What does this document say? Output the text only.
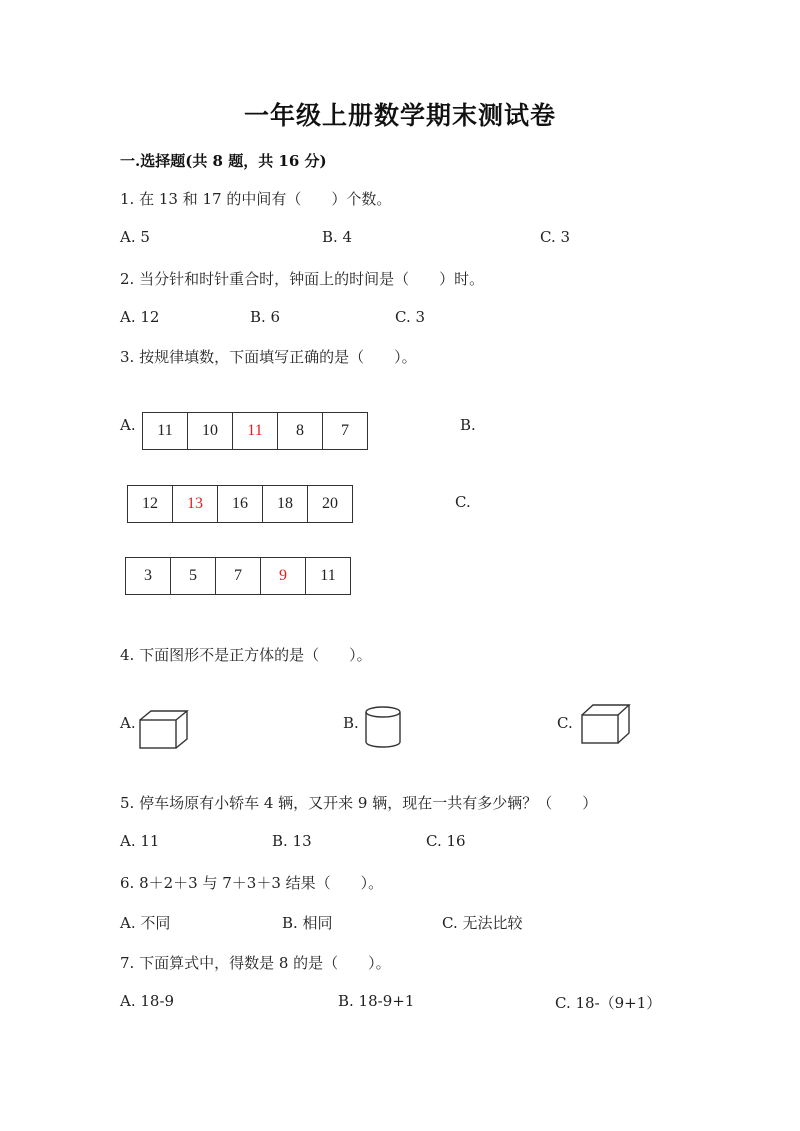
一年级上册数学期末测试卷
一.选择题(共 8 题，共 16 分)
1. 在 13 和 17 的中间有（　　）个数。
A. 5	B. 4	C. 3
2. 当分针和时针重合时，钟面上的时间是（　　）时。
A. 12	B. 6	C. 3
3. 按规律填数，下面填写正确的是（　　）。
A.	11	10	11	8	7	B.
12	13	16	18	20	C.
3	5	7	9	11
4. 下面图形不是正方体的是（　　）。
A.	B.	C.
5. 停车场原有小轿车 4 辆，又开来 9 辆，现在一共有多少辆？（　　）
A. 11	B. 13	C. 16
6. 8＋2＋3 与 7＋3＋3 结果（　　）。
A. 不同	B. 相同	C. 无法比较
7. 下面算式中，得数是 8 的是（　　）。
A. 18-9	B. 18-9+1	C. 18-（9+1）
